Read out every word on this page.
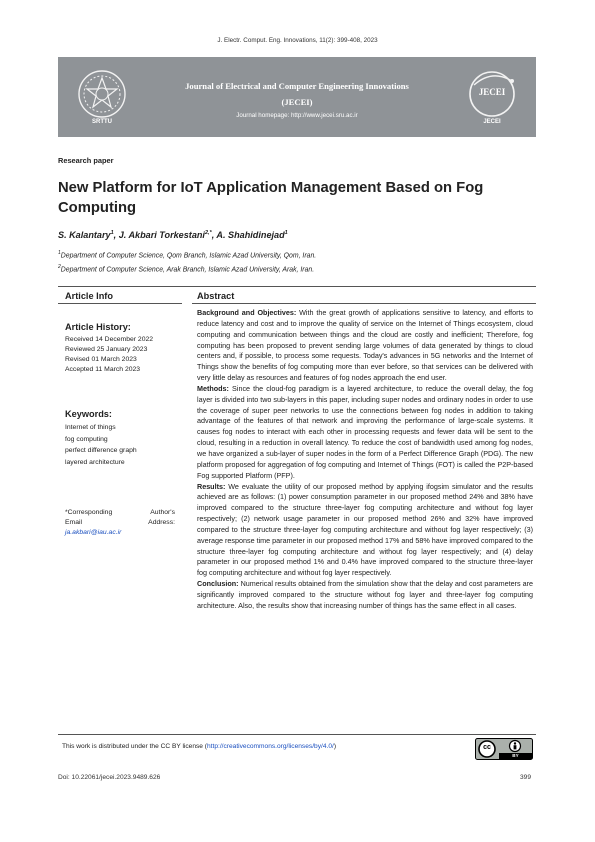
J. Electr. Comput. Eng. Innovations, 11(2): 399-408, 2023
SRTTU
Journal of Electrical and Computer Engineering Innovations
(JECEI)
Journal homepage: http://www.jecei.sru.ac.ir
JECEI
JECEI
Research paper
New Platform for IoT Application Management Based on Fog Computing
S. Kalantary$^1$, J. Akbari Torkestani$^{2,*}$, A. Shahidinejad$^1$
$^1$Department of Computer Science, Qom Branch, Islamic Azad University, Qom, Iran.
$^2$Department of Computer Science, Arak Branch, Islamic Azad University, Arak, Iran.
Article Info
Article History:
Received 14 December 2022
Reviewed 25 January 2023
Revised 01 March 2023
Accepted 11 March 2023
Keywords:
Internet of things
fog computing
perfect difference graph
layered architecture
*Corresponding	Author's
Email	Address:
ja.akbari@iau.ac.ir
Abstract

Background and Objectives: With the great growth of applications sensitive to latency, and efforts to reduce latency and cost and to improve the quality of service on the Internet of Things ecosystem, cloud computing and communication between things and the cloud are costly and inefficient; Therefore, fog computing has been proposed to prevent sending large volumes of data generated by things to cloud centers and, if possible, to process some requests. Today's advances in 5G networks and the Internet of Things show the benefits of fog computing more than ever before, so that services can be delivered with very little delay as resources and features of fog nodes approach the end user.

Methods: Since the cloud-fog paradigm is a layered architecture, to reduce the overall delay, the fog layer is divided into two sub-layers in this paper, including super nodes and ordinary nodes in order to use the coverage of super peer networks to use the connections between fog nodes in addition to taking advantage of the features of that network and improving the performance of large-scale systems. It causes fog nodes to interact with each other in processing requests and fewer data will be sent to the cloud, resulting in a reduction in overall latency. To reduce the cost of bandwidth used among fog nodes, we have organized a sub-layer of super nodes in the form of a Perfect Difference Graph (PDG). The new platform proposed for aggregation of fog computing and Internet of Things (FOT) is called the P2P-based Fog supported Platform (PFP).

Results: We evaluate the utility of our proposed method by applying ifogsim simulator and the results achieved are as follows: (1) power consumption parameter in our proposed method 24% and 38% have improved compared to the structure three-layer fog computing architecture and without fog layer respectively; (2) network usage parameter in our proposed method 26% and 32% have improved compared to the structure three-layer fog computing architecture and without fog layer respectively; (3) average response time parameter in our proposed method 17% and 58% have improved compared to the structure three-layer fog computing architecture and without fog layer respectively; and (4) delay parameter in our proposed method 1% and 0.4% have improved compared to the structure three-layer fog computing architecture and without fog layer respectively.

Conclusion: Numerical results obtained from the simulation show that the delay and cost parameters are significantly improved compared to the structure without fog layer and three-layer fog computing architecture. Also, the results show that increasing number of things has the same effect in all cases.

This work is distributed under the CC BY license (http://creativecommons.org/licenses/by/4.0/)	cc
BY
Doi: 10.22061/jecei.2023.9489.626	399
